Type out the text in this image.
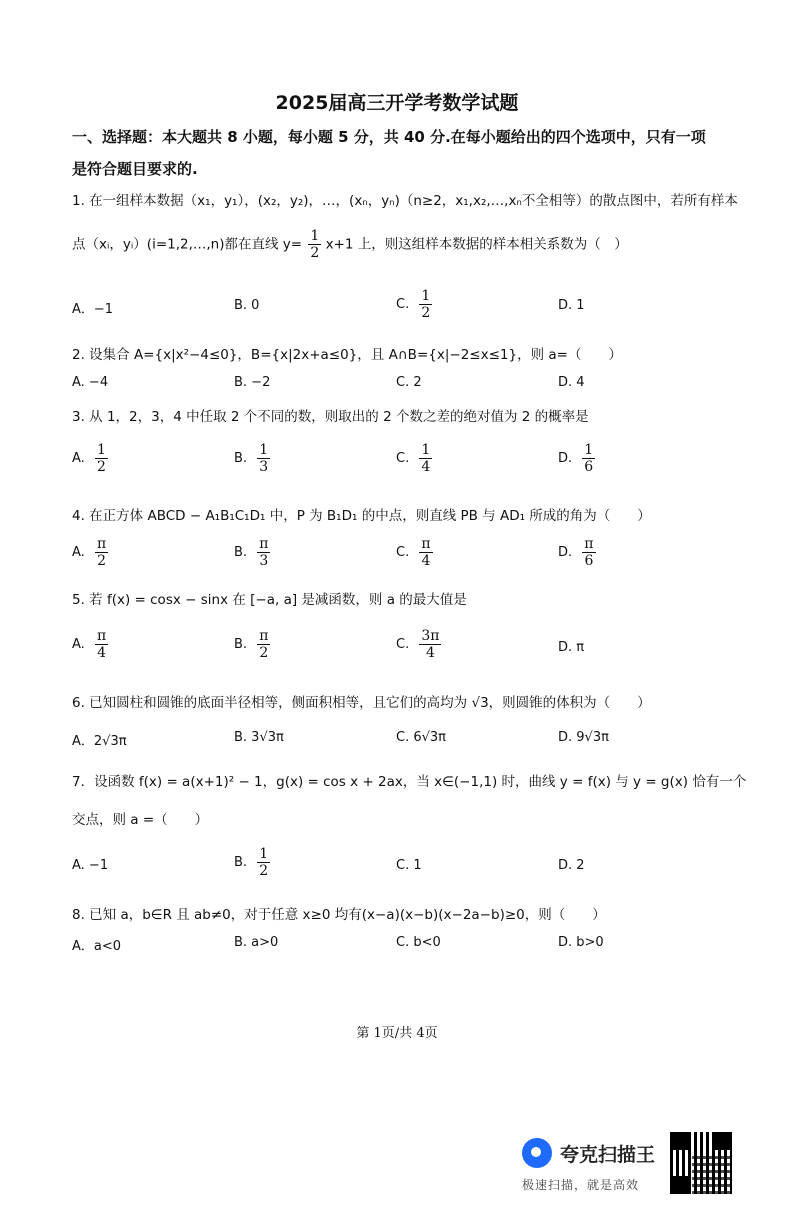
2025届高三开学考数学试题
一、选择题：本大题共 8 小题，每小题 5 分，共 40 分.在每小题给出的四个选项中，只有一项
是符合题目要求的.
1. 在一组样本数据（x₁，y₁），(x₂，y₂)，…，(xₙ，yₙ)（n≥2，x₁,x₂,…,xₙ不全相等）的散点图中，若所有样本
点（xᵢ，yᵢ）(i=1,2,…,n)都在直线 $y= \frac{1}{2} x+1$ 上，则这组样本数据的样本相关系数为（　）
A．−1	B. 0	C. $\frac{1}{2}$	D. 1
2. 设集合 A={x|x²−4≤0}，B={x|2x+a≤0}，且 A∩B={x|−2≤x≤1}，则 a=（　　）
A. −4	B. −2	C. 2	D. 4
3. 从 1，2，3，4 中任取 2 个不同的数，则取出的 2 个数之差的绝对值为 2 的概率是
A. $\frac{1}{2}$	B. $\frac{1}{3}$	C. $\frac{1}{4}$	D. $\frac{1}{6}$
4. 在正方体 ABCD − A₁B₁C₁D₁ 中，P 为 B₁D₁ 的中点，则直线 PB 与 AD₁ 所成的角为（　　）
A. $\frac{\pi}{2}$	B. $\frac{\pi}{3}$	C. $\frac{\pi}{4}$	D. $\frac{\pi}{6}$
5. 若 f(x) = cosx − sinx 在 [−a, a] 是减函数，则 a 的最大值是
A. $\frac{\pi}{4}$	B. $\frac{\pi}{2}$	C. $\frac{3\pi}{4}$	D. π
6. 已知圆柱和圆锥的底面半径相等，侧面积相等，且它们的高均为 √3，则圆锥的体积为（　　）
A．2√3π	B. 3√3π	C. 6√3π	D. 9√3π
7．设函数 f(x) = a(x+1)² − 1，g(x) = cos x + 2ax，当 x∈(−1,1) 时，曲线 y = f(x) 与 y = g(x) 恰有一个
交点，则 a =（　　）
A. −1	B. $\frac{1}{2}$	C. 1	D. 2
8. 已知 a，b∈R 且 ab≠0，对于任意 x≥0 均有(x−a)(x−b)(x−2a−b)≥0，则（　　）
A．a<0	B. a>0	C. b<0	D. b>0
第 1页/共 4页
夸克扫描王
极速扫描，就是高效
